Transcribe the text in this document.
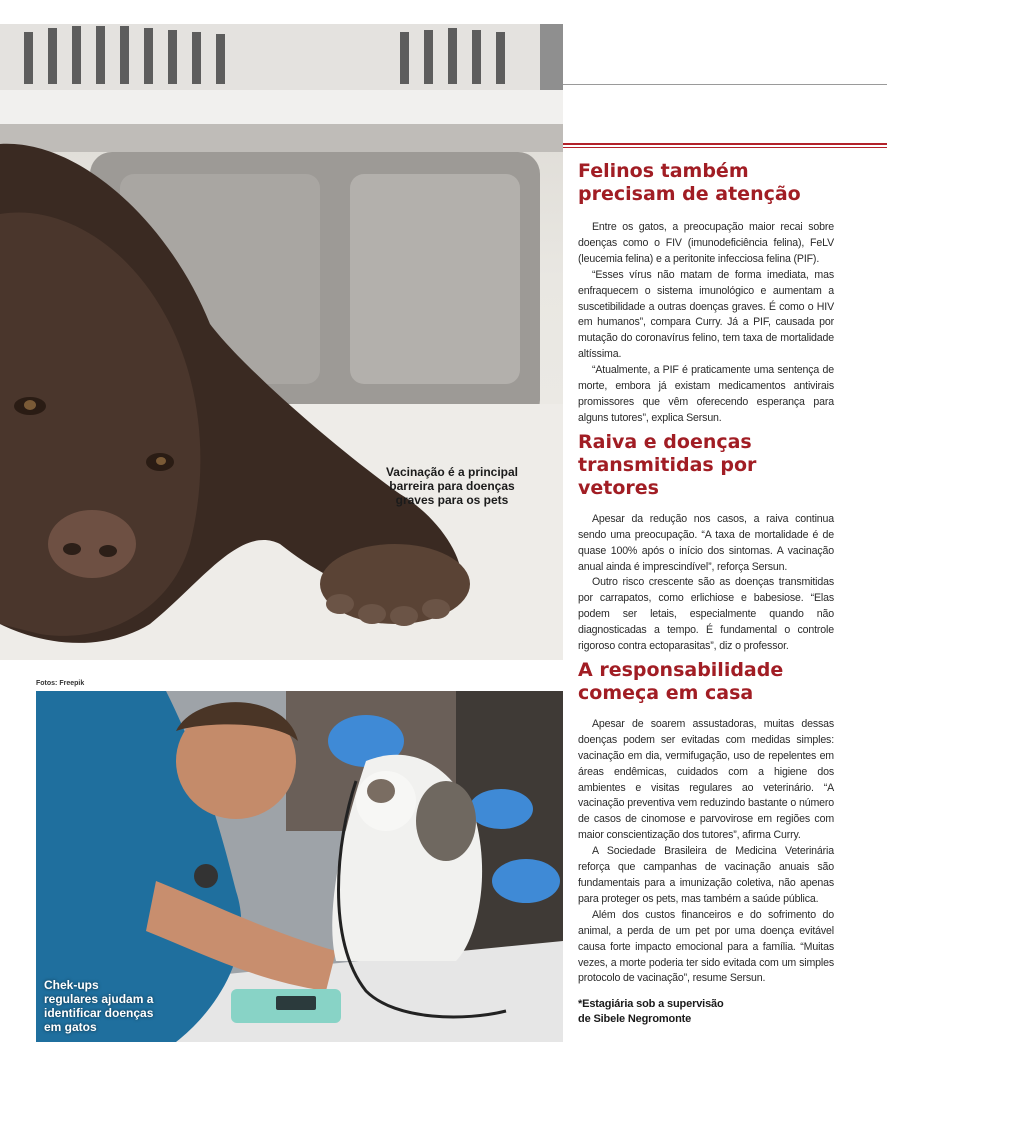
Vacinação é a principal barreira para doenças graves para os pets
Fotos: Freepik
Chek-ups regulares ajudam a identificar doenças em gatos
Felinos também precisam de atenção

Entre os gatos, a preocupação maior recai sobre doenças como o FIV (imunodeficiência felina), FeLV (leucemia felina) e a peritonite infecciosa felina (PIF).

“Esses vírus não matam de forma imediata, mas enfraquecem o sistema imunológico e aumentam a suscetibilidade a outras doenças graves. É como o HIV em humanos”, compara Curry. Já a PIF, causada por mutação do coronavírus felino, tem taxa de mortalidade altíssima.

“Atualmente, a PIF é praticamente uma sentença de morte, embora já existam medicamentos antivirais promissores que vêm oferecendo esperança para alguns tutores”, explica Sersun.

Raiva e doenças transmitidas por vetores

Apesar da redução nos casos, a raiva continua sendo uma preocupação. “A taxa de mortalidade é de quase 100% após o início dos sintomas. A vacinação anual ainda é imprescindível”, reforça Sersun.

Outro risco crescente são as doenças transmitidas por carrapatos, como erlichiose e babesiose. “Elas podem ser letais, especialmente quando não diagnosticadas a tempo. É fundamental o controle rigoroso contra ectoparasitas”, diz o professor.

A responsabilidade começa em casa

Apesar de soarem assustadoras, muitas dessas doenças podem ser evitadas com medidas simples: vacinação em dia, vermifugação, uso de repelentes em áreas endêmicas, cuidados com a higiene dos ambientes e visitas regulares ao veterinário. “A vacinação preventiva vem reduzindo bastante o número de casos de cinomose e parvovirose em regiões com maior conscientização dos tutores”, afirma Curry.

A Sociedade Brasileira de Medicina Veterinária reforça que campanhas de vacinação anuais são fundamentais para a imunização coletiva, não apenas para proteger os pets, mas também a saúde pública.

Além dos custos financeiros e do sofrimento do animal, a perda de um pet por uma doença evitável causa forte impacto emocional para a família. “Muitas vezes, a morte poderia ter sido evitada com um simples protocolo de vacinação”, resume Sersun.

*Estagiária sob a supervisão
de Sibele Negromonte
